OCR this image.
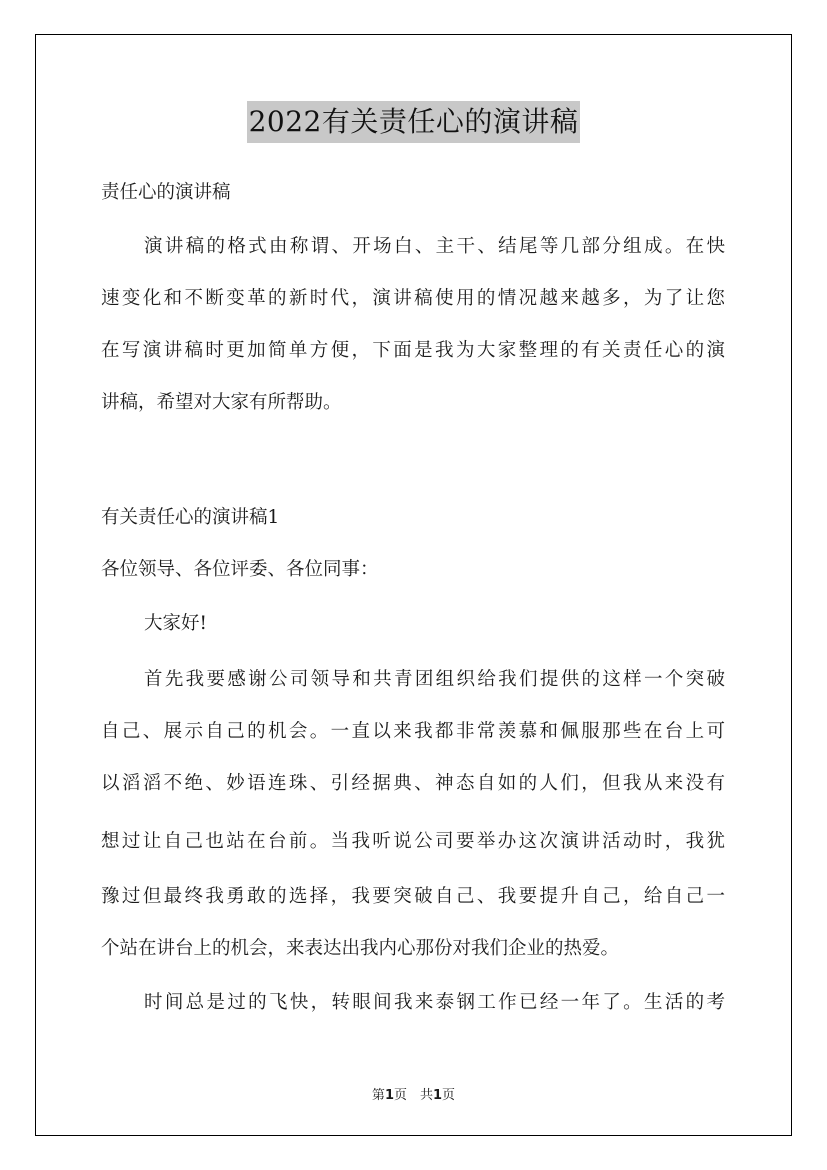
2022有关责任心的演讲稿
责任心的演讲稿
演讲稿的格式由称谓、开场白、主干、结尾等几部分组成。在快
速变化和不断变革的新时代，演讲稿使用的情况越来越多，为了让您
在写演讲稿时更加简单方便，下面是我为大家整理的有关责任心的演
讲稿，希望对大家有所帮助。
有关责任心的演讲稿1
各位领导、各位评委、各位同事：
大家好!
首先我要感谢公司领导和共青团组织给我们提供的这样一个突破
自己、展示自己的机会。一直以来我都非常羡慕和佩服那些在台上可
以滔滔不绝、妙语连珠、引经据典、神态自如的人们，但我从来没有
想过让自己也站在台前。当我听说公司要举办这次演讲活动时，我犹
豫过但最终我勇敢的选择，我要突破自己、我要提升自己，给自己一
个站在讲台上的机会，来表达出我内心那份对我们企业的热爱。
时间总是过的飞快，转眼间我来泰钢工作已经一年了。生活的考
第1页　共1页
